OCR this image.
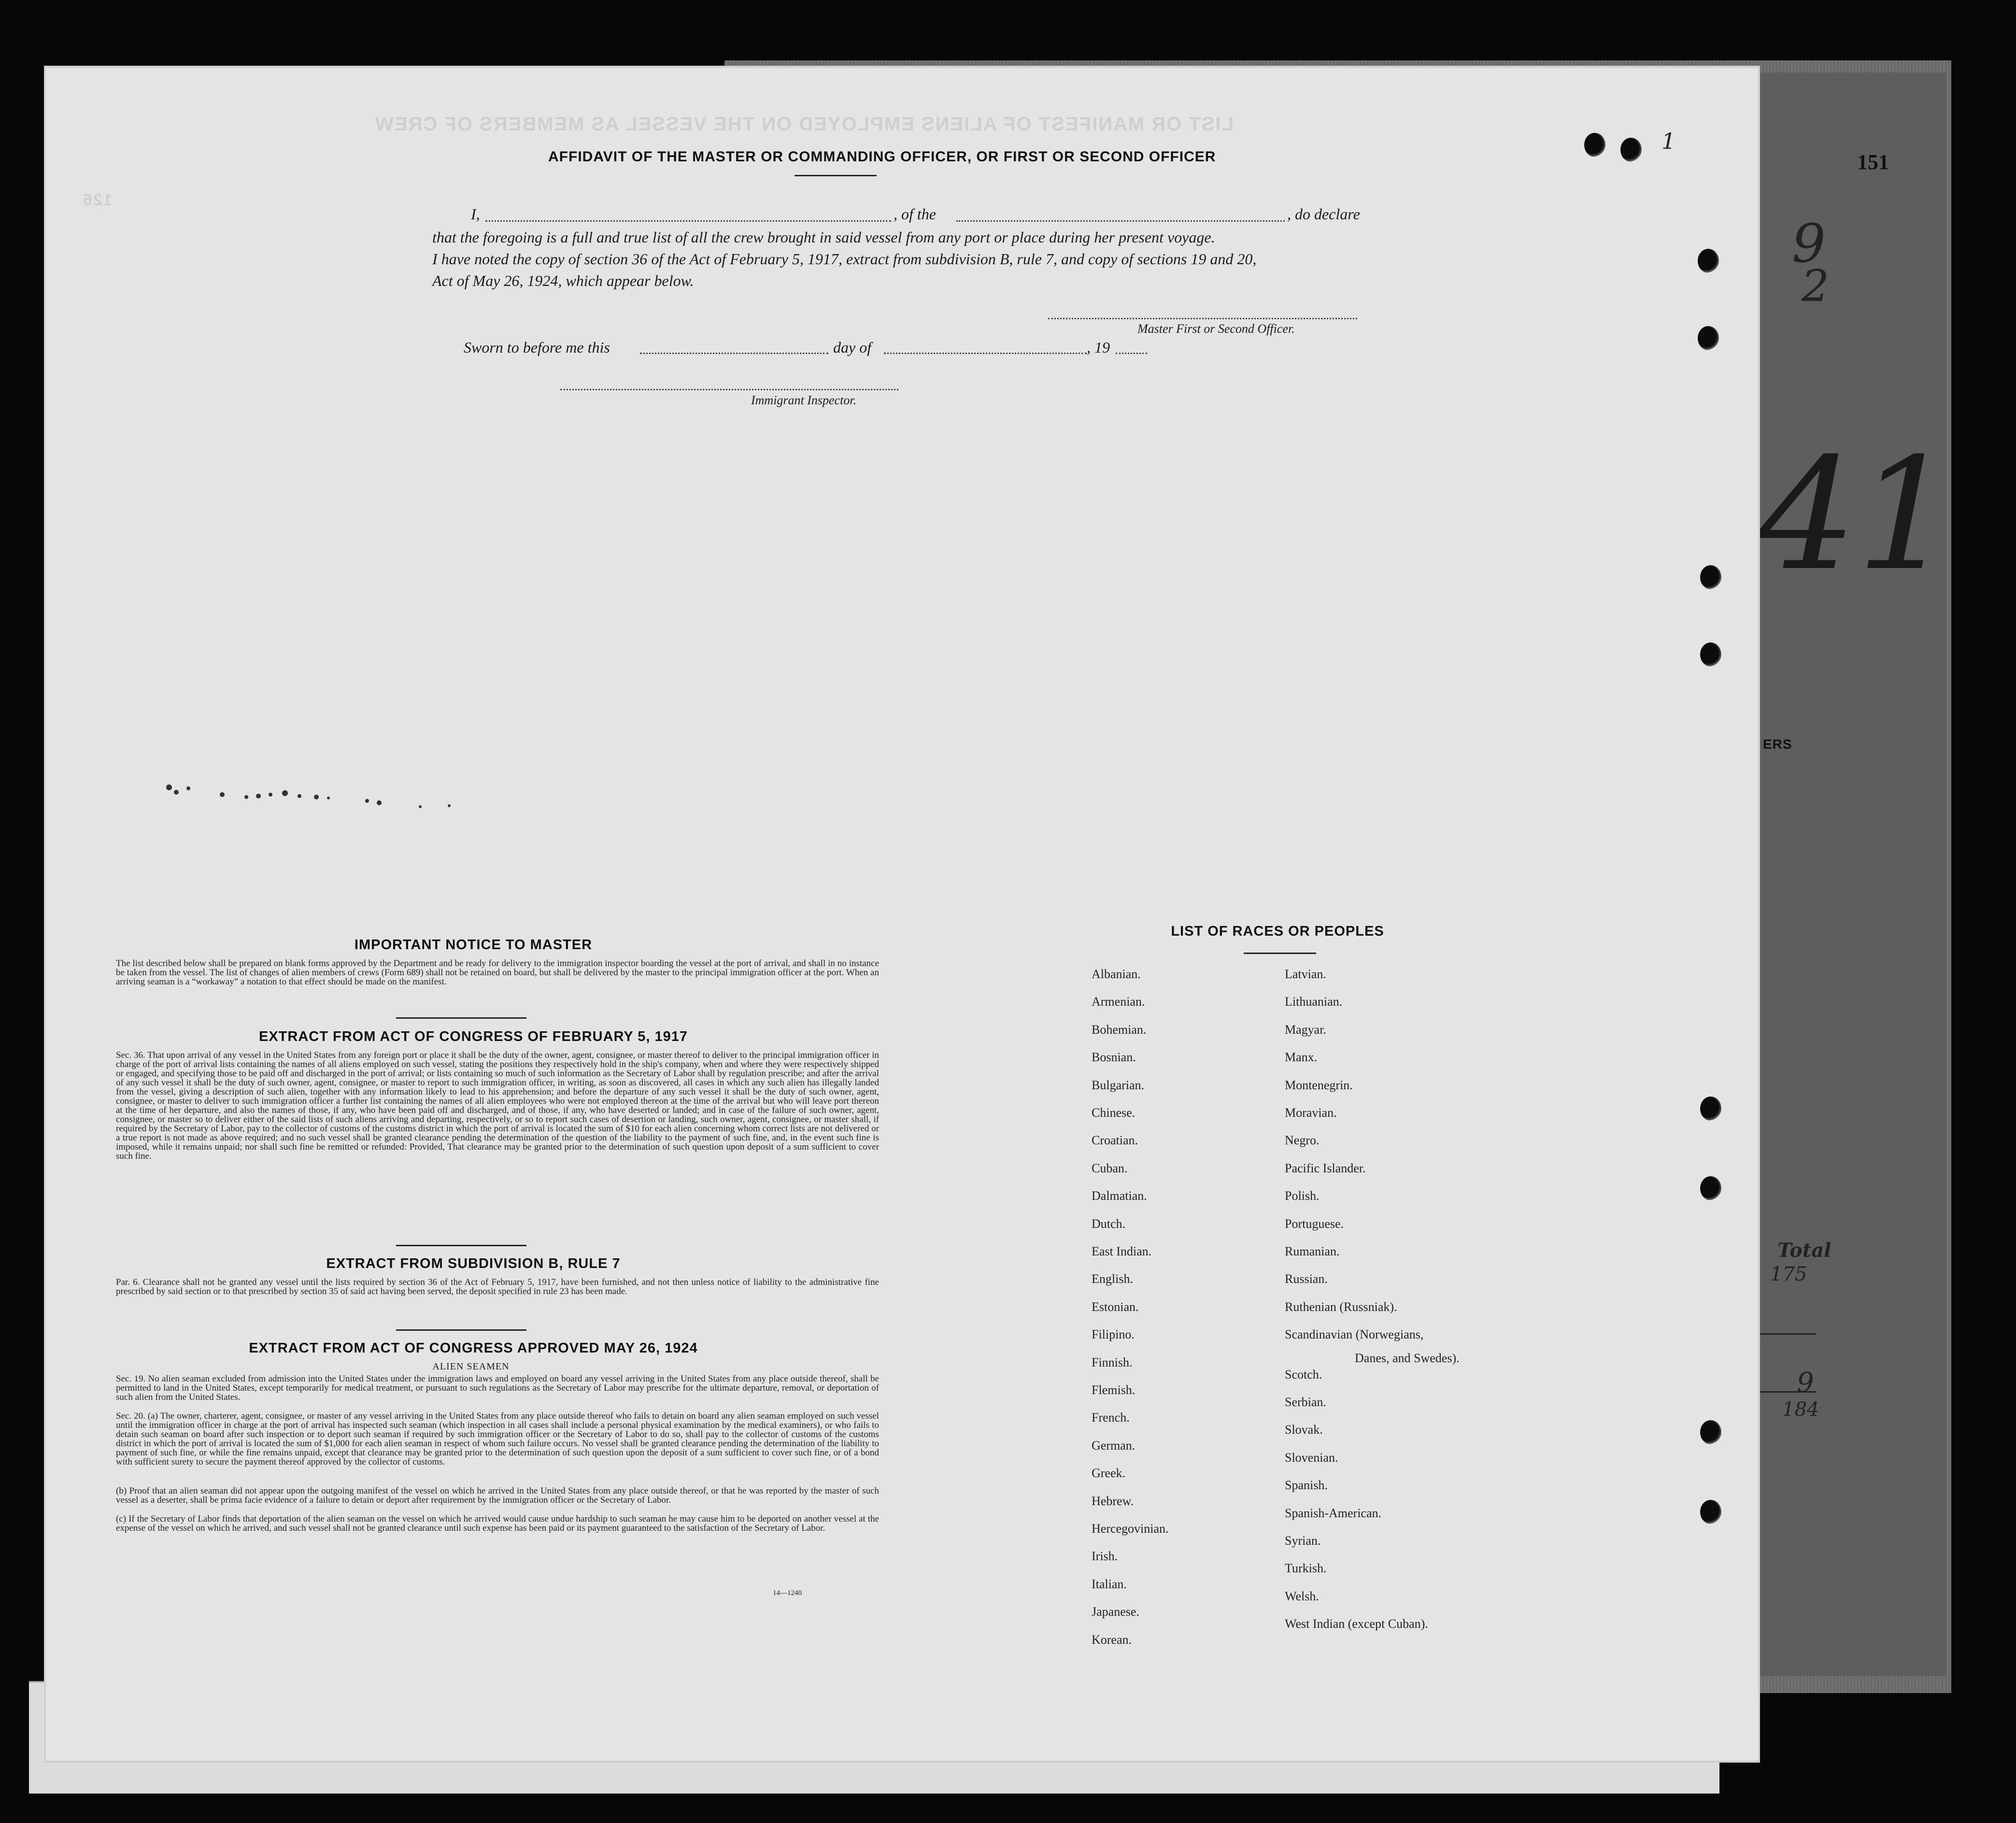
151
41
9
2
ERS
Total
175
9
184
LIST OR MANIFEST OF ALIENS EMPLOYED ON THE VESSEL AS MEMBERS OF CREW
126
1
AFFIDAVIT OF THE MASTER OR COMMANDING OFFICER, OR FIRST OR SECOND OFFICER
I,	, of the	, do declare
that the foregoing is a full and true list of all the crew brought in said vessel from any port or place during her present voyage.
I have noted the copy of section 36 of the Act of February 5, 1917, extract from subdivision B, rule 7, and copy of sections 19 and 20,
Act of May 26, 1924, which appear below.
Master First or Second Officer.
Sworn to before me this	day of	, 19
Immigrant Inspector.
IMPORTANT NOTICE TO MASTER
The list described below shall be prepared on blank forms approved by the Department and be ready for delivery to the immigration inspector boarding the vessel at the port of arrival, and shall in no instance be taken from the vessel. The list of changes of alien members of crews (Form 689) shall not be retained on board, but shall be delivered by the master to the principal immigration officer at the port. When an arriving seaman is a “workaway” a notation to that effect should be made on the manifest.
EXTRACT FROM ACT OF CONGRESS OF FEBRUARY 5, 1917
Sec. 36. That upon arrival of any vessel in the United States from any foreign port or place it shall be the duty of the owner, agent, consignee, or master thereof to deliver to the principal immigration officer in charge of the port of arrival lists containing the names of all aliens employed on such vessel, stating the positions they respectively hold in the ship's company, when and where they were respectively shipped or engaged, and specifying those to be paid off and discharged in the port of arrival; or lists containing so much of such information as the Secretary of Labor shall by regulation prescribe; and after the arrival of any such vessel it shall be the duty of such owner, agent, consignee, or master to report to such immigration officer, in writing, as soon as discovered, all cases in which any such alien has illegally landed from the vessel, giving a description of such alien, together with any information likely to lead to his apprehension; and before the departure of any such vessel it shall be the duty of such owner, agent, consignee, or master to deliver to such immigration officer a further list containing the names of all alien employees who were not employed thereon at the time of the arrival but who will leave port thereon at the time of her departure, and also the names of those, if any, who have been paid off and discharged, and of those, if any, who have deserted or landed; and in case of the failure of such owner, agent, consignee, or master so to deliver either of the said lists of such aliens arriving and departing, respectively, or so to report such cases of desertion or landing, such owner, agent, consignee, or master shall, if required by the Secretary of Labor, pay to the collector of customs of the customs district in which the port of arrival is located the sum of $10 for each alien concerning whom correct lists are not delivered or a true report is not made as above required; and no such vessel shall be granted clearance pending the determination of the question of the liability to the payment of such fine, and, in the event such fine is imposed, while it remains unpaid; nor shall such fine be remitted or refunded: Provided, That clearance may be granted prior to the determination of such question upon deposit of a sum sufficient to cover such fine.
EXTRACT FROM SUBDIVISION B, RULE 7
Par. 6. Clearance shall not be granted any vessel until the lists required by section 36 of the Act of February 5, 1917, have been furnished, and not then unless notice of liability to the administrative fine prescribed by said section or to that prescribed by section 35 of said act having been served, the deposit specified in rule 23 has been made.
EXTRACT FROM ACT OF CONGRESS APPROVED MAY 26, 1924
ALIEN SEAMEN
Sec. 19. No alien seaman excluded from admission into the United States under the immigration laws and employed on board any vessel arriving in the United States from any place outside thereof, shall be permitted to land in the United States, except temporarily for medical treatment, or pursuant to such regulations as the Secretary of Labor may prescribe for the ultimate departure, removal, or deportation of such alien from the United States.
Sec. 20. (a) The owner, charterer, agent, consignee, or master of any vessel arriving in the United States from any place outside thereof who fails to detain on board any alien seaman employed on such vessel until the immigration officer in charge at the port of arrival has inspected such seaman (which inspection in all cases shall include a personal physical examination by the medical examiners), or who fails to detain such seaman on board after such inspection or to deport such seaman if required by such immigration officer or the Secretary of Labor to do so, shall pay to the collector of customs of the customs district in which the port of arrival is located the sum of $1,000 for each alien seaman in respect of whom such failure occurs. No vessel shall be granted clearance pending the determination of the liability to payment of such fine, or while the fine remains unpaid, except that clearance may be granted prior to the determination of such question upon the deposit of a sum sufficient to cover such fine, or of a bond with sufficient surety to secure the payment thereof approved by the collector of customs.
(b) Proof that an alien seaman did not appear upon the outgoing manifest of the vessel on which he arrived in the United States from any place outside thereof, or that he was reported by the master of such vessel as a deserter, shall be prima facie evidence of a failure to detain or deport after requirement by the immigration officer or the Secretary of Labor.
(c) If the Secretary of Labor finds that deportation of the alien seaman on the vessel on which he arrived would cause undue hardship to such seaman he may cause him to be deported on another vessel at the expense of the vessel on which he arrived, and such vessel shall not be granted clearance until such expense has been paid or its payment guaranteed to the satisfaction of the Secretary of Labor.
14—1240
LIST OF RACES OR PEOPLES
Albanian.
Armenian.
Bohemian.
Bosnian.
Bulgarian.
Chinese.
Croatian.
Cuban.
Dalmatian.
Dutch.
East Indian.
English.
Estonian.
Filipino.
Finnish.
Flemish.
French.
German.
Greek.
Hebrew.
Hercegovinian.
Irish.
Italian.
Japanese.
Korean.
Latvian.
Lithuanian.
Magyar.
Manx.
Montenegrin.
Moravian.
Negro.
Pacific Islander.
Polish.
Portuguese.
Rumanian.
Russian.
Ruthenian (Russniak).
Scandinavian (Norwegians,
Scotch.
Serbian.
Slovak.
Slovenian.
Spanish.
Spanish-American.
Syrian.
Turkish.
Welsh.
West Indian (except Cuban).
Danes, and Swedes).
